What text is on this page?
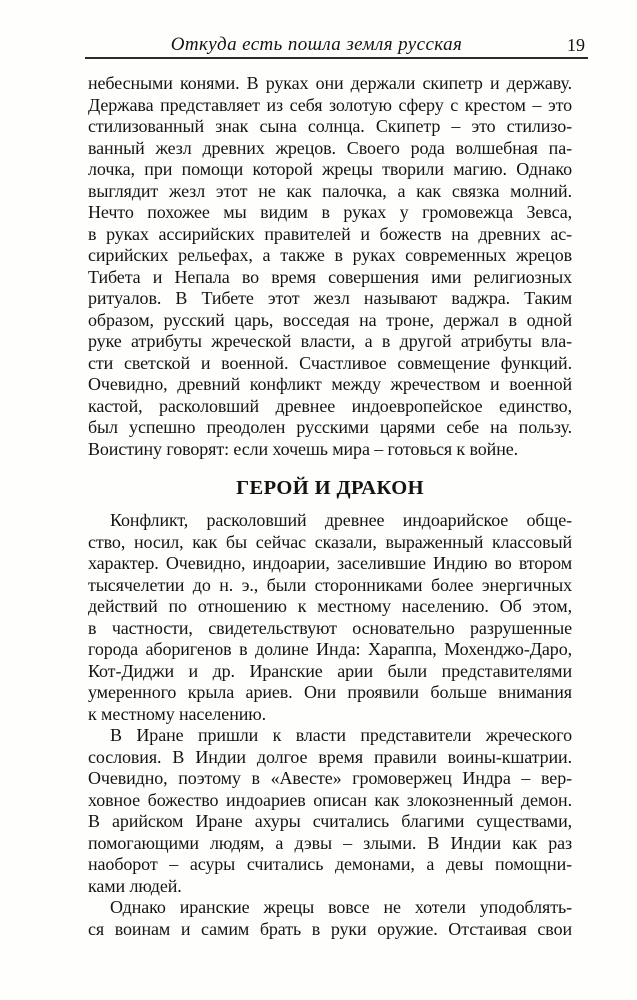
Откуда есть пошла земля русская	19
небесными конями. В руках они держали скипетр и державу.
Держава представляет из себя золотую сферу с крестом – это
стилизованный знак сына солнца. Скипетр – это стилизо-
ванный жезл древних жрецов. Своего рода волшебная па-
лочка, при помощи которой жрецы творили магию. Однако
выглядит жезл этот не как палочка, а как связка молний.
Нечто похожее мы видим в руках у громовежца Зевса,
в руках ассирийских правителей и божеств на древних ас-
сирийских рельефах, а также в руках современных жрецов
Тибета и Непала во время совершения ими религиозных
ритуалов. В Тибете этот жезл называют ваджра. Таким
образом, русский царь, восседая на троне, держал в одной
руке атрибуты жреческой власти, а в другой атрибуты вла-
сти светской и военной. Счастливое совмещение функций.
Очевидно, древний конфликт между жречеством и военной
кастой, расколовший древнее индоевропейское единство,
был успешно преодолен русскими царями себе на пользу.
Воистину говорят: если хочешь мира – готовься к войне.
ГЕРОЙ И ДРАКОН
Конфликт, расколовший древнее индоарийское обще-
ство, носил, как бы сейчас сказали, выраженный классовый
характер. Очевидно, индоарии, заселившие Индию во втором
тысячелетии до н. э., были сторонниками более энергичных
действий по отношению к местному населению. Об этом,
в частности, свидетельствуют основательно разрушенные
города аборигенов в долине Инда: Хараппа, Мохенджо-Даро,
Кот-Диджи и др. Иранские арии были представителями
умеренного крыла ариев. Они проявили больше внимания
к местному населению.
В Иране пришли к власти представители жреческого
сословия. В Индии долгое время правили воины-кшатрии.
Очевидно, поэтому в «Авесте» громовержец Индра – вер-
ховное божество индоариев описан как злокозненный демон.
В арийском Иране ахуры считались благими существами,
помогающими людям, а дэвы – злыми. В Индии как раз
наоборот – асуры считались демонами, а девы помощни-
ками людей.
Однако иранские жрецы вовсе не хотели уподоблять-
ся воинам и самим брать в руки оружие. Отстаивая свои
